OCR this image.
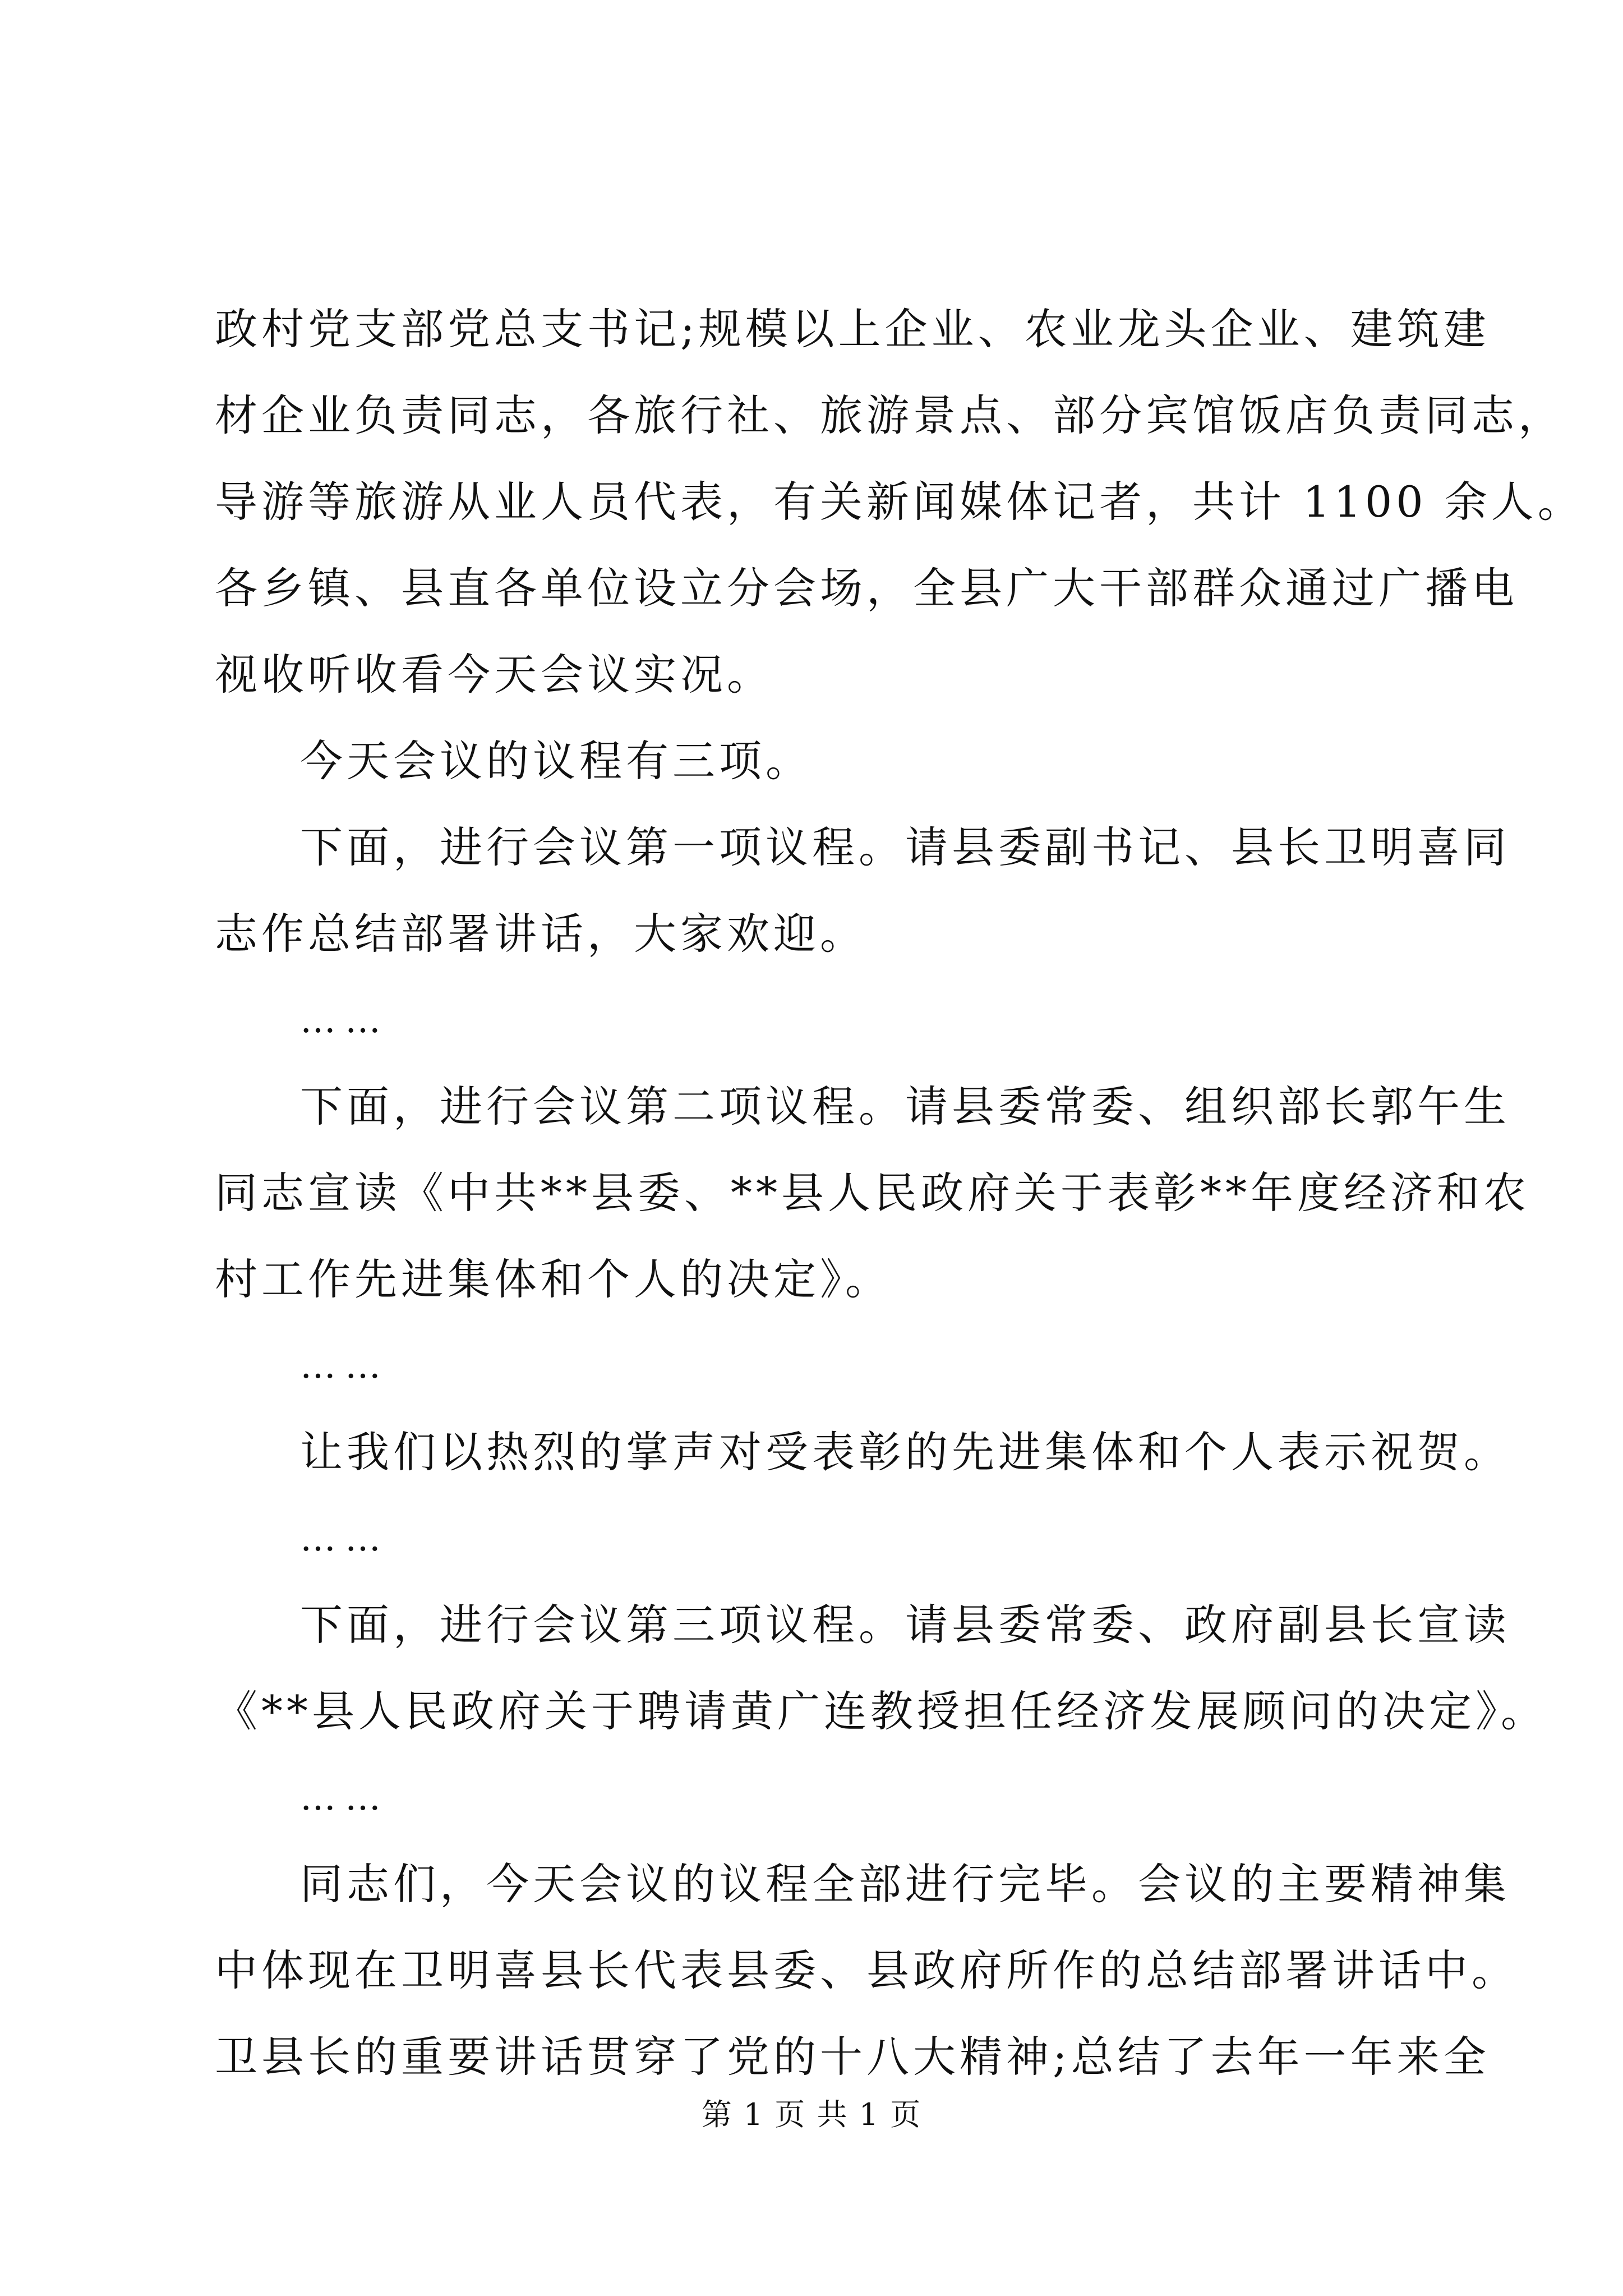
政村党支部党总支书记;规模以上企业、农业龙头企业、建筑建
材企业负责同志，各旅行社、旅游景点、部分宾馆饭店负责同志，
导游等旅游从业人员代表，有关新闻媒体记者，共计 1100 余人。
各乡镇、县直各单位设立分会场，全县广大干部群众通过广播电
视收听收看今天会议实况。
今天会议的议程有三项。
下面，进行会议第一项议程。请县委副书记、县长卫明喜同
志作总结部署讲话，大家欢迎。
……
下面，进行会议第二项议程。请县委常委、组织部长郭午生
同志宣读《中共**县委、**县人民政府关于表彰**年度经济和农
村工作先进集体和个人的决定》。
……
让我们以热烈的掌声对受表彰的先进集体和个人表示祝贺。
……
下面，进行会议第三项议程。请县委常委、政府副县长宣读
《**县人民政府关于聘请黄广连教授担任经济发展顾问的决定》。
……
同志们，今天会议的议程全部进行完毕。会议的主要精神集
中体现在卫明喜县长代表县委、县政府所作的总结部署讲话中。
卫县长的重要讲话贯穿了党的十八大精神;总结了去年一年来全
第 1 页 共 1 页
